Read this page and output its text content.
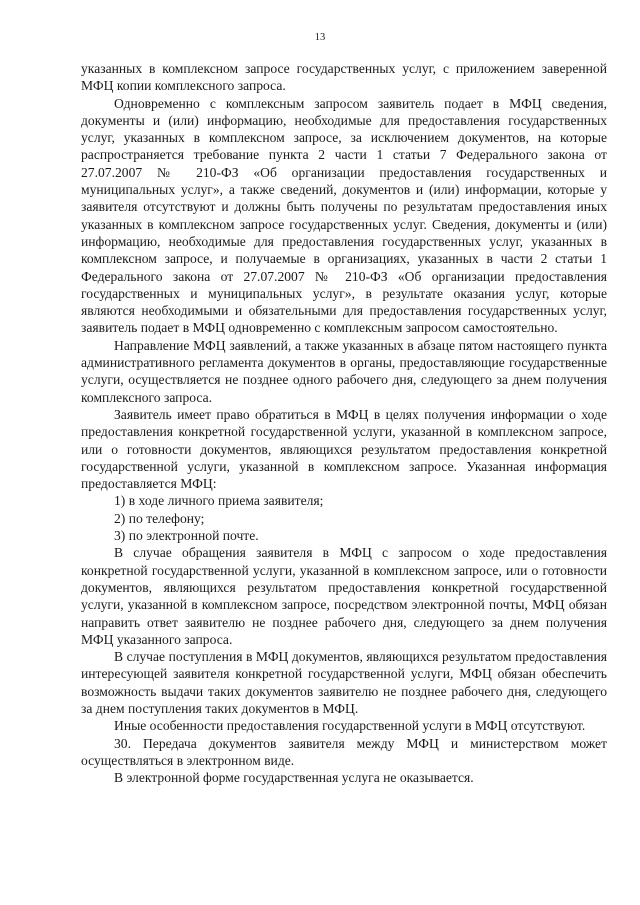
13

указанных в комплексном запросе государственных услуг, с приложением заверенной МФЦ копии комплексного запроса.

Одновременно с комплексным запросом заявитель подает в МФЦ сведения, документы и (или) информацию, необходимые для предоставления государственных услуг, указанных в комплексном запросе, за исключением документов, на которые распространяется требование пункта 2 части 1 статьи 7 Федерального закона от 27.07.2007 № 210-ФЗ «Об организации предоставления государственных и муниципальных услуг», а также сведений, документов и (или) информации, которые у заявителя отсутствуют и должны быть получены по результатам предоставления иных указанных в комплексном запросе государственных услуг. Сведения, документы и (или) информацию, необходимые для предоставления государственных услуг, указанных в комплексном запросе, и получаемые в организациях, указанных в части 2 статьи 1 Федерального закона от 27.07.2007 № 210-ФЗ «Об организации предоставления государственных и муниципальных услуг», в результате оказания услуг, которые являются необходимыми и обязательными для предоставления государственных услуг, заявитель подает в МФЦ одновременно с комплексным запросом самостоятельно.

Направление МФЦ заявлений, а также указанных в абзаце пятом настоящего пункта административного регламента документов в органы, предоставляющие государственные услуги, осуществляется не позднее одного рабочего дня, следующего за днем получения комплексного запроса.

Заявитель имеет право обратиться в МФЦ в целях получения информации о ходе предоставления конкретной государственной услуги, указанной в комплексном запросе, или о готовности документов, являющихся результатом предоставления конкретной государственной услуги, указанной в комплексном запросе. Указанная информация предоставляется МФЦ:

1) в ходе личного приема заявителя;

2) по телефону;

3) по электронной почте.

В случае обращения заявителя в МФЦ с запросом о ходе предоставления конкретной государственной услуги, указанной в комплексном запросе, или о готовности документов, являющихся результатом предоставления конкретной государственной услуги, указанной в комплексном запросе, посредством электронной почты, МФЦ обязан направить ответ заявителю не позднее рабочего дня, следующего за днем получения МФЦ указанного запроса.

В случае поступления в МФЦ документов, являющихся результатом предоставления интересующей заявителя конкретной государственной услуги, МФЦ обязан обеспечить возможность выдачи таких документов заявителю не позднее рабочего дня, следующего за днем поступления таких документов в МФЦ.

Иные особенности предоставления государственной услуги в МФЦ отсутствуют.

30. Передача документов заявителя между МФЦ и министерством может осуществляться в электронном виде.

В электронной форме государственная услуга не оказывается.
